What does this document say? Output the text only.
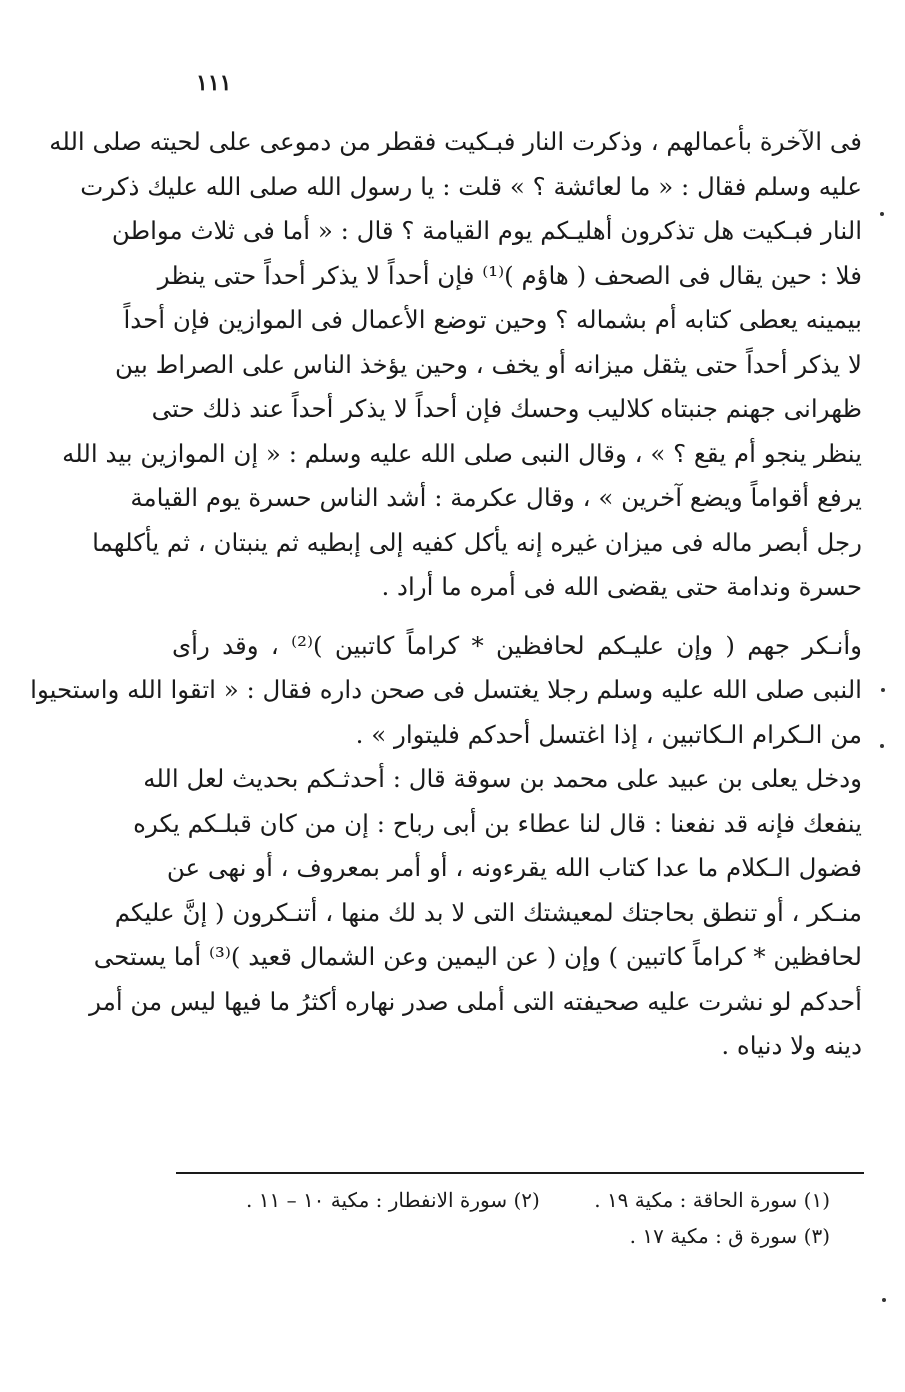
١١١

فى الآخرة بأعمالهم ، وذكرت النار فبـكيت فقطر من دموعى على لحيته صلى الله
عليه وسلم فقال : « ما لعائشة ؟ » قلت : يا رسول الله صلى الله عليك ذكرت
النار فبـكيت هل تذكرون أهليـكم يوم القيامة ؟ قال : « أما فى ثلاث مواطن
فلا : حين يقال فى الصحف ( هاؤم )⁽¹⁾ فإن أحداً لا يذكر أحداً حتى ينظر
بيمينه يعطى كتابه أم بشماله ؟ وحين توضع الأعمال فى الموازين فإن أحداً
لا يذكر أحداً حتى يثقل ميزانه أو يخف ، وحين يؤخذ الناس على الصراط بين
ظهرانى جهنم جنبتاه كلاليب وحسك فإن أحداً لا يذكر أحداً عند ذلك حتى
ينظر ينجو أم يقع ؟ » ، وقال النبى صلى الله عليه وسلم : « إن الموازين بيد الله
يرفع أقواماً ويضع آخرين » ، وقال عكرمة : أشد الناس حسرة يوم القيامة
رجل أبصر ماله فى ميزان غيره إنه يأكل كفيه إلى إبطيه ثم ينبتان ، ثم يأكلهما
حسرة وندامة حتى يقضى الله فى أمره ما أراد .

وأنـكر جهم ( وإن عليـكم لحافظين * كراماً كاتبين )⁽²⁾ ، وقد رأى
النبى صلى الله عليه وسلم رجلا يغتسل فى صحن داره فقال : « اتقوا الله واستحيوا
من الـكرام الـكاتبين ، إذا اغتسل أحدكم فليتوار » .

ودخل يعلى بن عبيد على محمد بن سوقة قال : أحدثـكم بحديث لعل الله
ينفعك فإنه قد نفعنا : قال لنا عطاء بن أبى رباح : إن من كان قبلـكم يكره
فضول الـكلام ما عدا كتاب الله يقرءونه ، أو أمر بمعروف ، أو نهى عن
منـكر ، أو تنطق بحاجتك لمعيشتك التى لا بد لك منها ، أتنـكرون ( إنَّ عليكم
لحافظين * كراماً كاتبين ) وإن ( عن اليمين وعن الشمال قعيد )⁽³⁾ أما يستحى
أحدكم لو نشرت عليه صحيفته التى أملى صدر نهاره أكثرُ ما فيها ليس من أمر
دينه ولا دنياه .

(١) سورة الحاقة : مكية ١٩ . (٢) سورة الانفطار : مكية ١٠ – ١١ .
(٣) سورة ق : مكية ١٧ .
